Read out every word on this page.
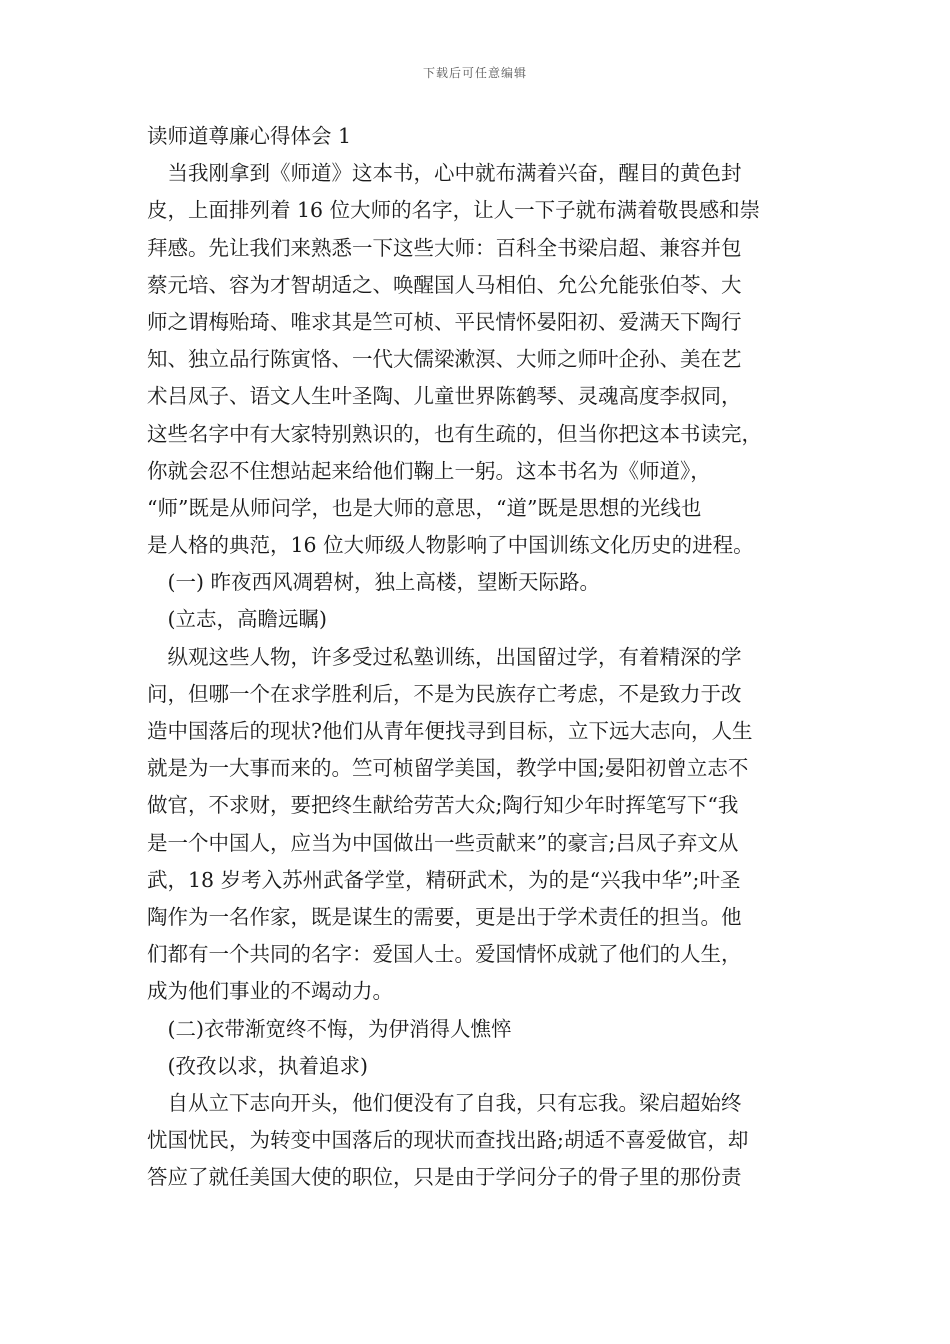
下载后可任意编辑
读师道尊廉心得体会 1
　当我刚拿到《师道》这本书，心中就布满着兴奋，醒目的黄色封
皮，上面排列着 16 位大师的名字，让人一下子就布满着敬畏感和崇
拜感。先让我们来熟悉一下这些大师：百科全书梁启超、兼容并包
蔡元培、容为才智胡适之、唤醒国人马相伯、允公允能张伯苓、大
师之谓梅贻琦、唯求其是竺可桢、平民情怀晏阳初、爱满天下陶行
知、独立品行陈寅恪、一代大儒梁漱溟、大师之师叶企孙、美在艺
术吕凤子、语文人生叶圣陶、儿童世界陈鹤琴、灵魂高度李叔同，
这些名字中有大家特别熟识的，也有生疏的，但当你把这本书读完，
你就会忍不住想站起来给他们鞠上一躬。这本书名为《师道》，
“师”既是从师问学，也是大师的意思，“道”既是思想的光线也
是人格的典范，16 位大师级人物影响了中国训练文化历史的进程。
　(一) 昨夜西风凋碧树，独上高楼，望断天际路。
　(立志，高瞻远瞩)
　纵观这些人物，许多受过私塾训练，出国留过学，有着精深的学
问，但哪一个在求学胜利后，不是为民族存亡考虑，不是致力于改
造中国落后的现状?他们从青年便找寻到目标，立下远大志向，人生
就是为一大事而来的。竺可桢留学美国，教学中国;晏阳初曾立志不
做官，不求财，要把终生献给劳苦大众;陶行知少年时挥笔写下“我
是一个中国人，应当为中国做出一些贡献来”的豪言;吕凤子弃文从
武，18 岁考入苏州武备学堂，精研武术，为的是“兴我中华”;叶圣
陶作为一名作家，既是谋生的需要，更是出于学术责任的担当。他
们都有一个共同的名字：爱国人士。爱国情怀成就了他们的人生，
成为他们事业的不竭动力。
　(二)衣带渐宽终不悔，为伊消得人憔悴
　(孜孜以求，执着追求)
　自从立下志向开头，他们便没有了自我，只有忘我。梁启超始终
忧国忧民，为转变中国落后的现状而查找出路;胡适不喜爱做官，却
答应了就任美国大使的职位，只是由于学问分子的骨子里的那份责
